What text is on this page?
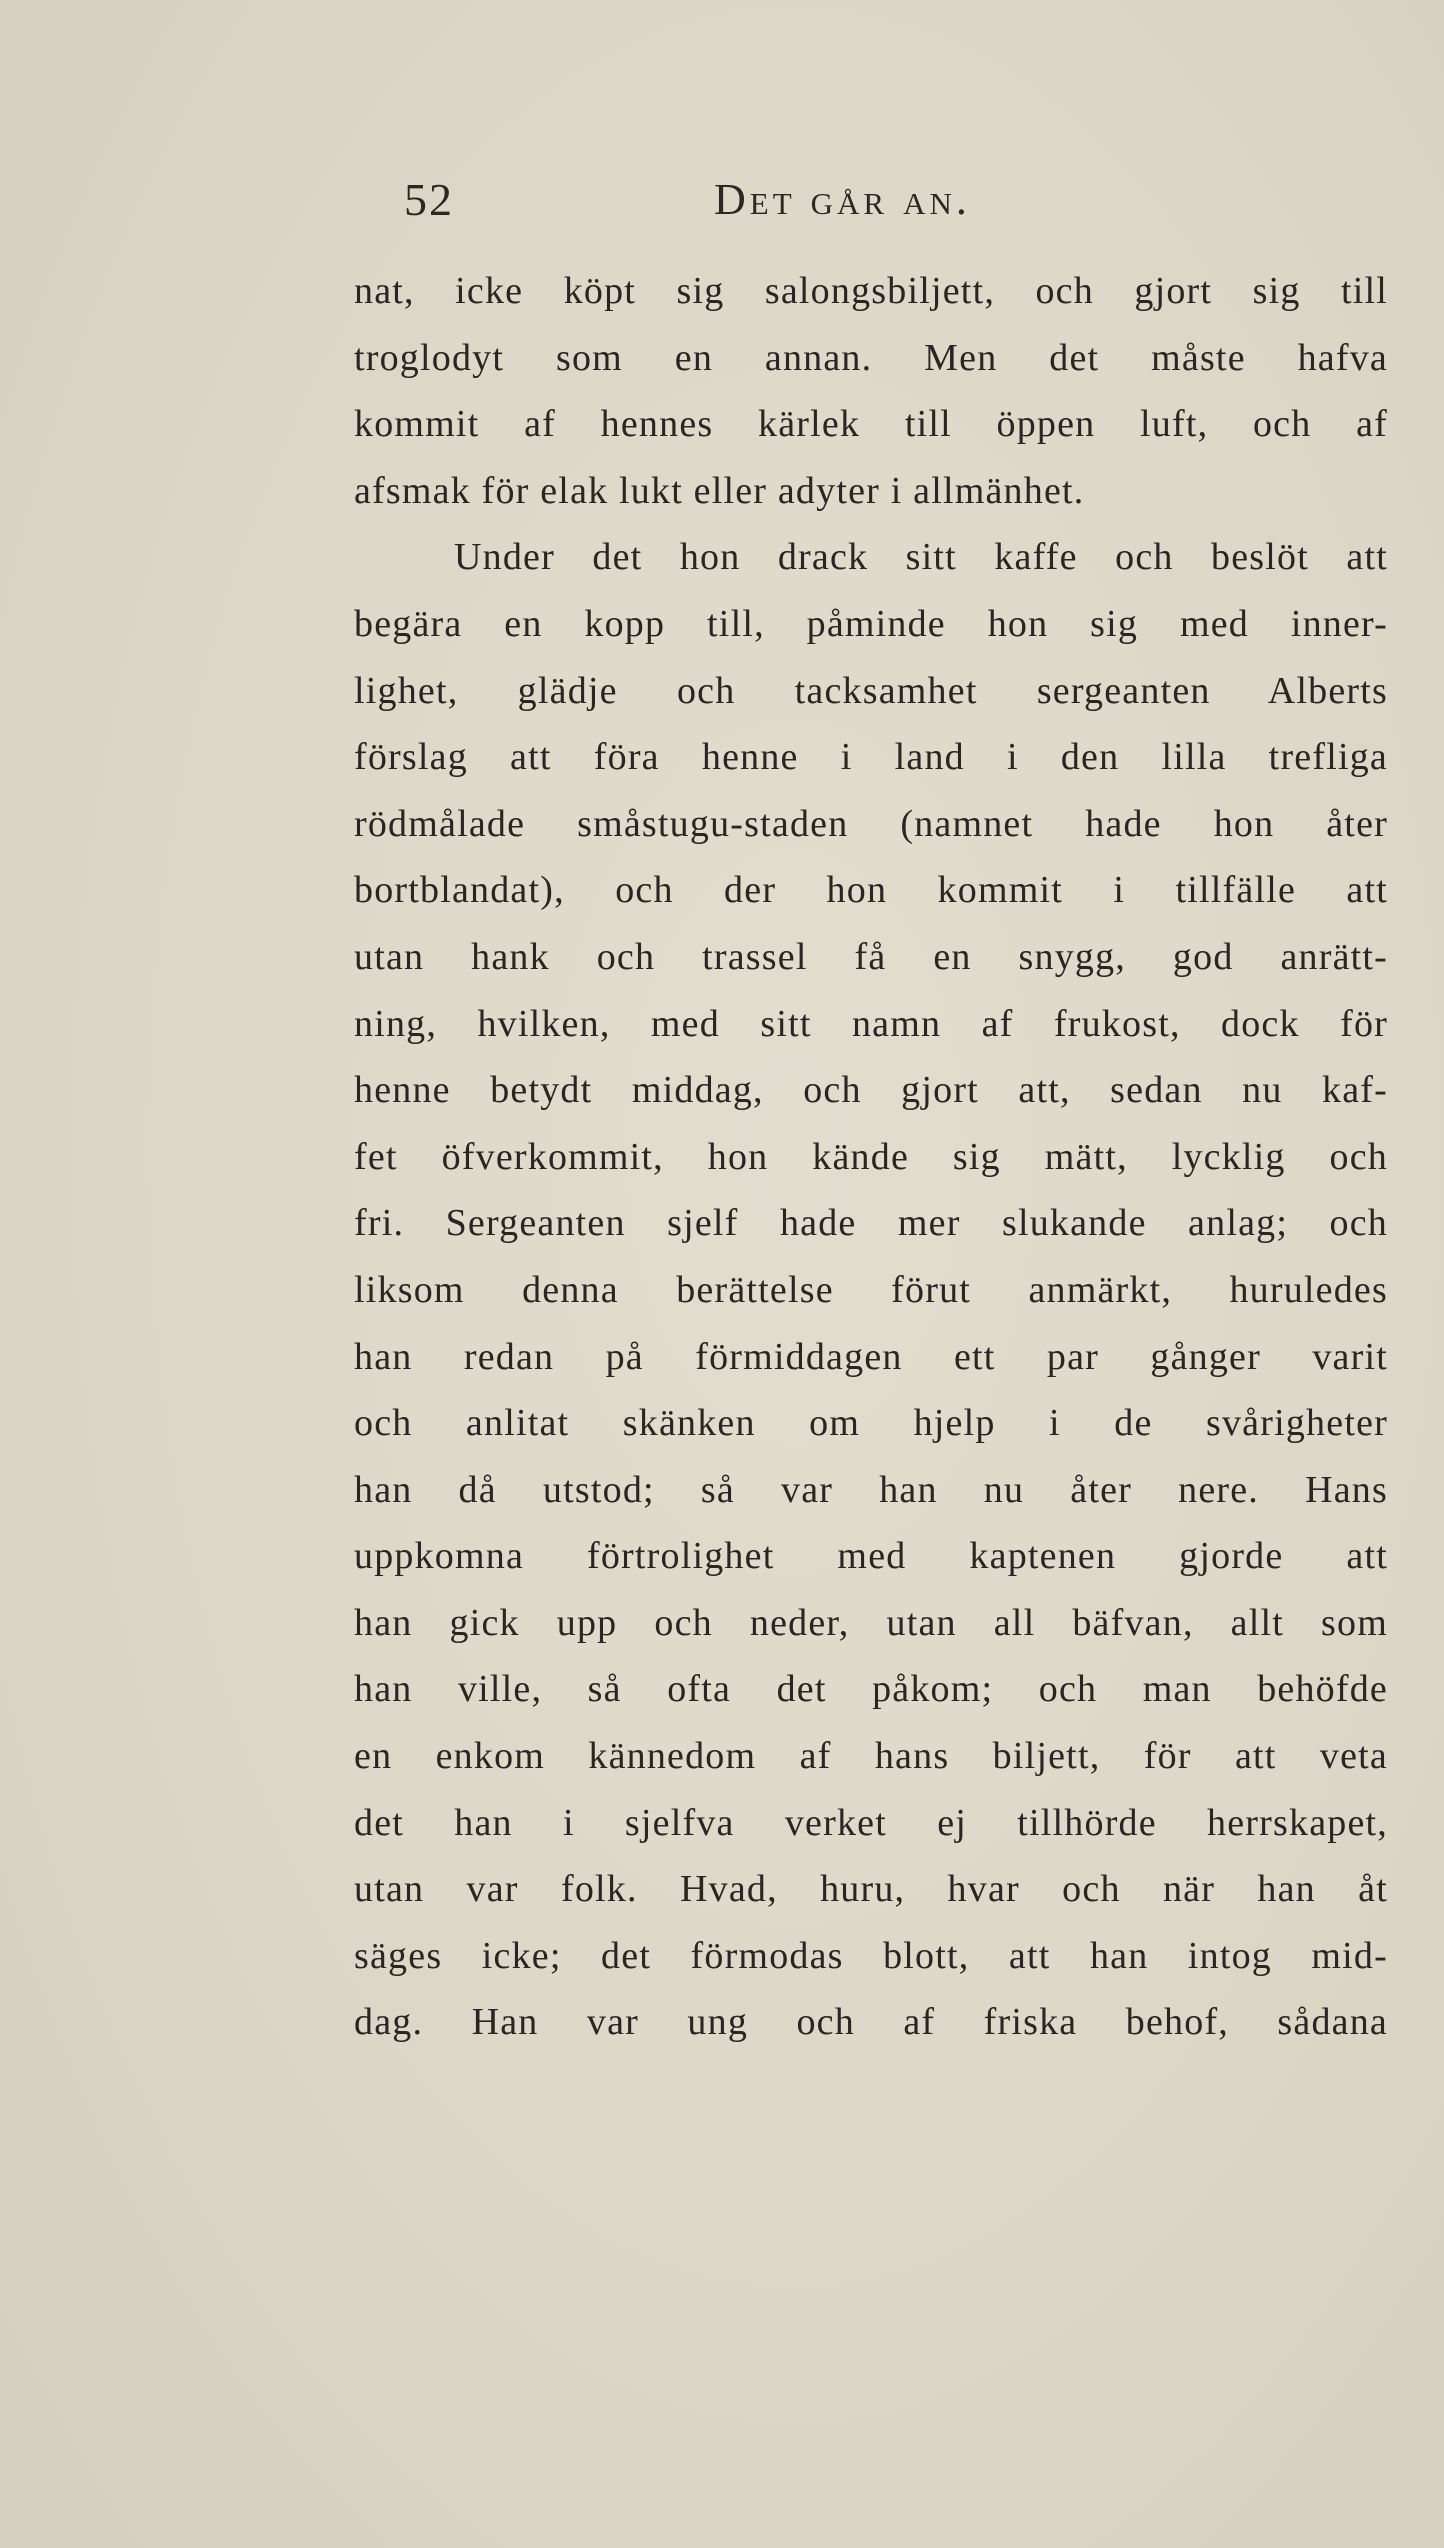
52	Det går an.
nat, icke köpt sig salongsbiljett, och gjort sig till
troglodyt som en annan. Men det måste hafva
kommit af hennes kärlek till öppen luft, och af
afsmak för elak lukt eller adyter i allmänhet.
Under det hon drack sitt kaffe och beslöt att
begära en kopp till, påminde hon sig med inner-
lighet, glädje och tacksamhet sergeanten Alberts
förslag att föra henne i land i den lilla trefliga
rödmålade småstugu-staden (namnet hade hon åter
bortblandat), och der hon kommit i tillfälle att
utan hank och trassel få en snygg, god anrätt-
ning, hvilken, med sitt namn af frukost, dock för
henne betydt middag, och gjort att, sedan nu kaf-
fet öfverkommit, hon kände sig mätt, lycklig och
fri. Sergeanten sjelf hade mer slukande anlag; och
liksom denna berättelse förut anmärkt, huruledes
han redan på förmiddagen ett par gånger varit
och anlitat skänken om hjelp i de svårigheter
han då utstod; så var han nu åter nere. Hans
uppkomna förtrolighet med kaptenen gjorde att
han gick upp och neder, utan all bäfvan, allt som
han ville, så ofta det påkom; och man behöfde
en enkom kännedom af hans biljett, för att veta
det han i sjelfva verket ej tillhörde herrskapet,
utan var folk. Hvad, huru, hvar och när han åt
säges icke; det förmodas blott, att han intog mid-
dag. Han var ung och af friska behof, sådana
